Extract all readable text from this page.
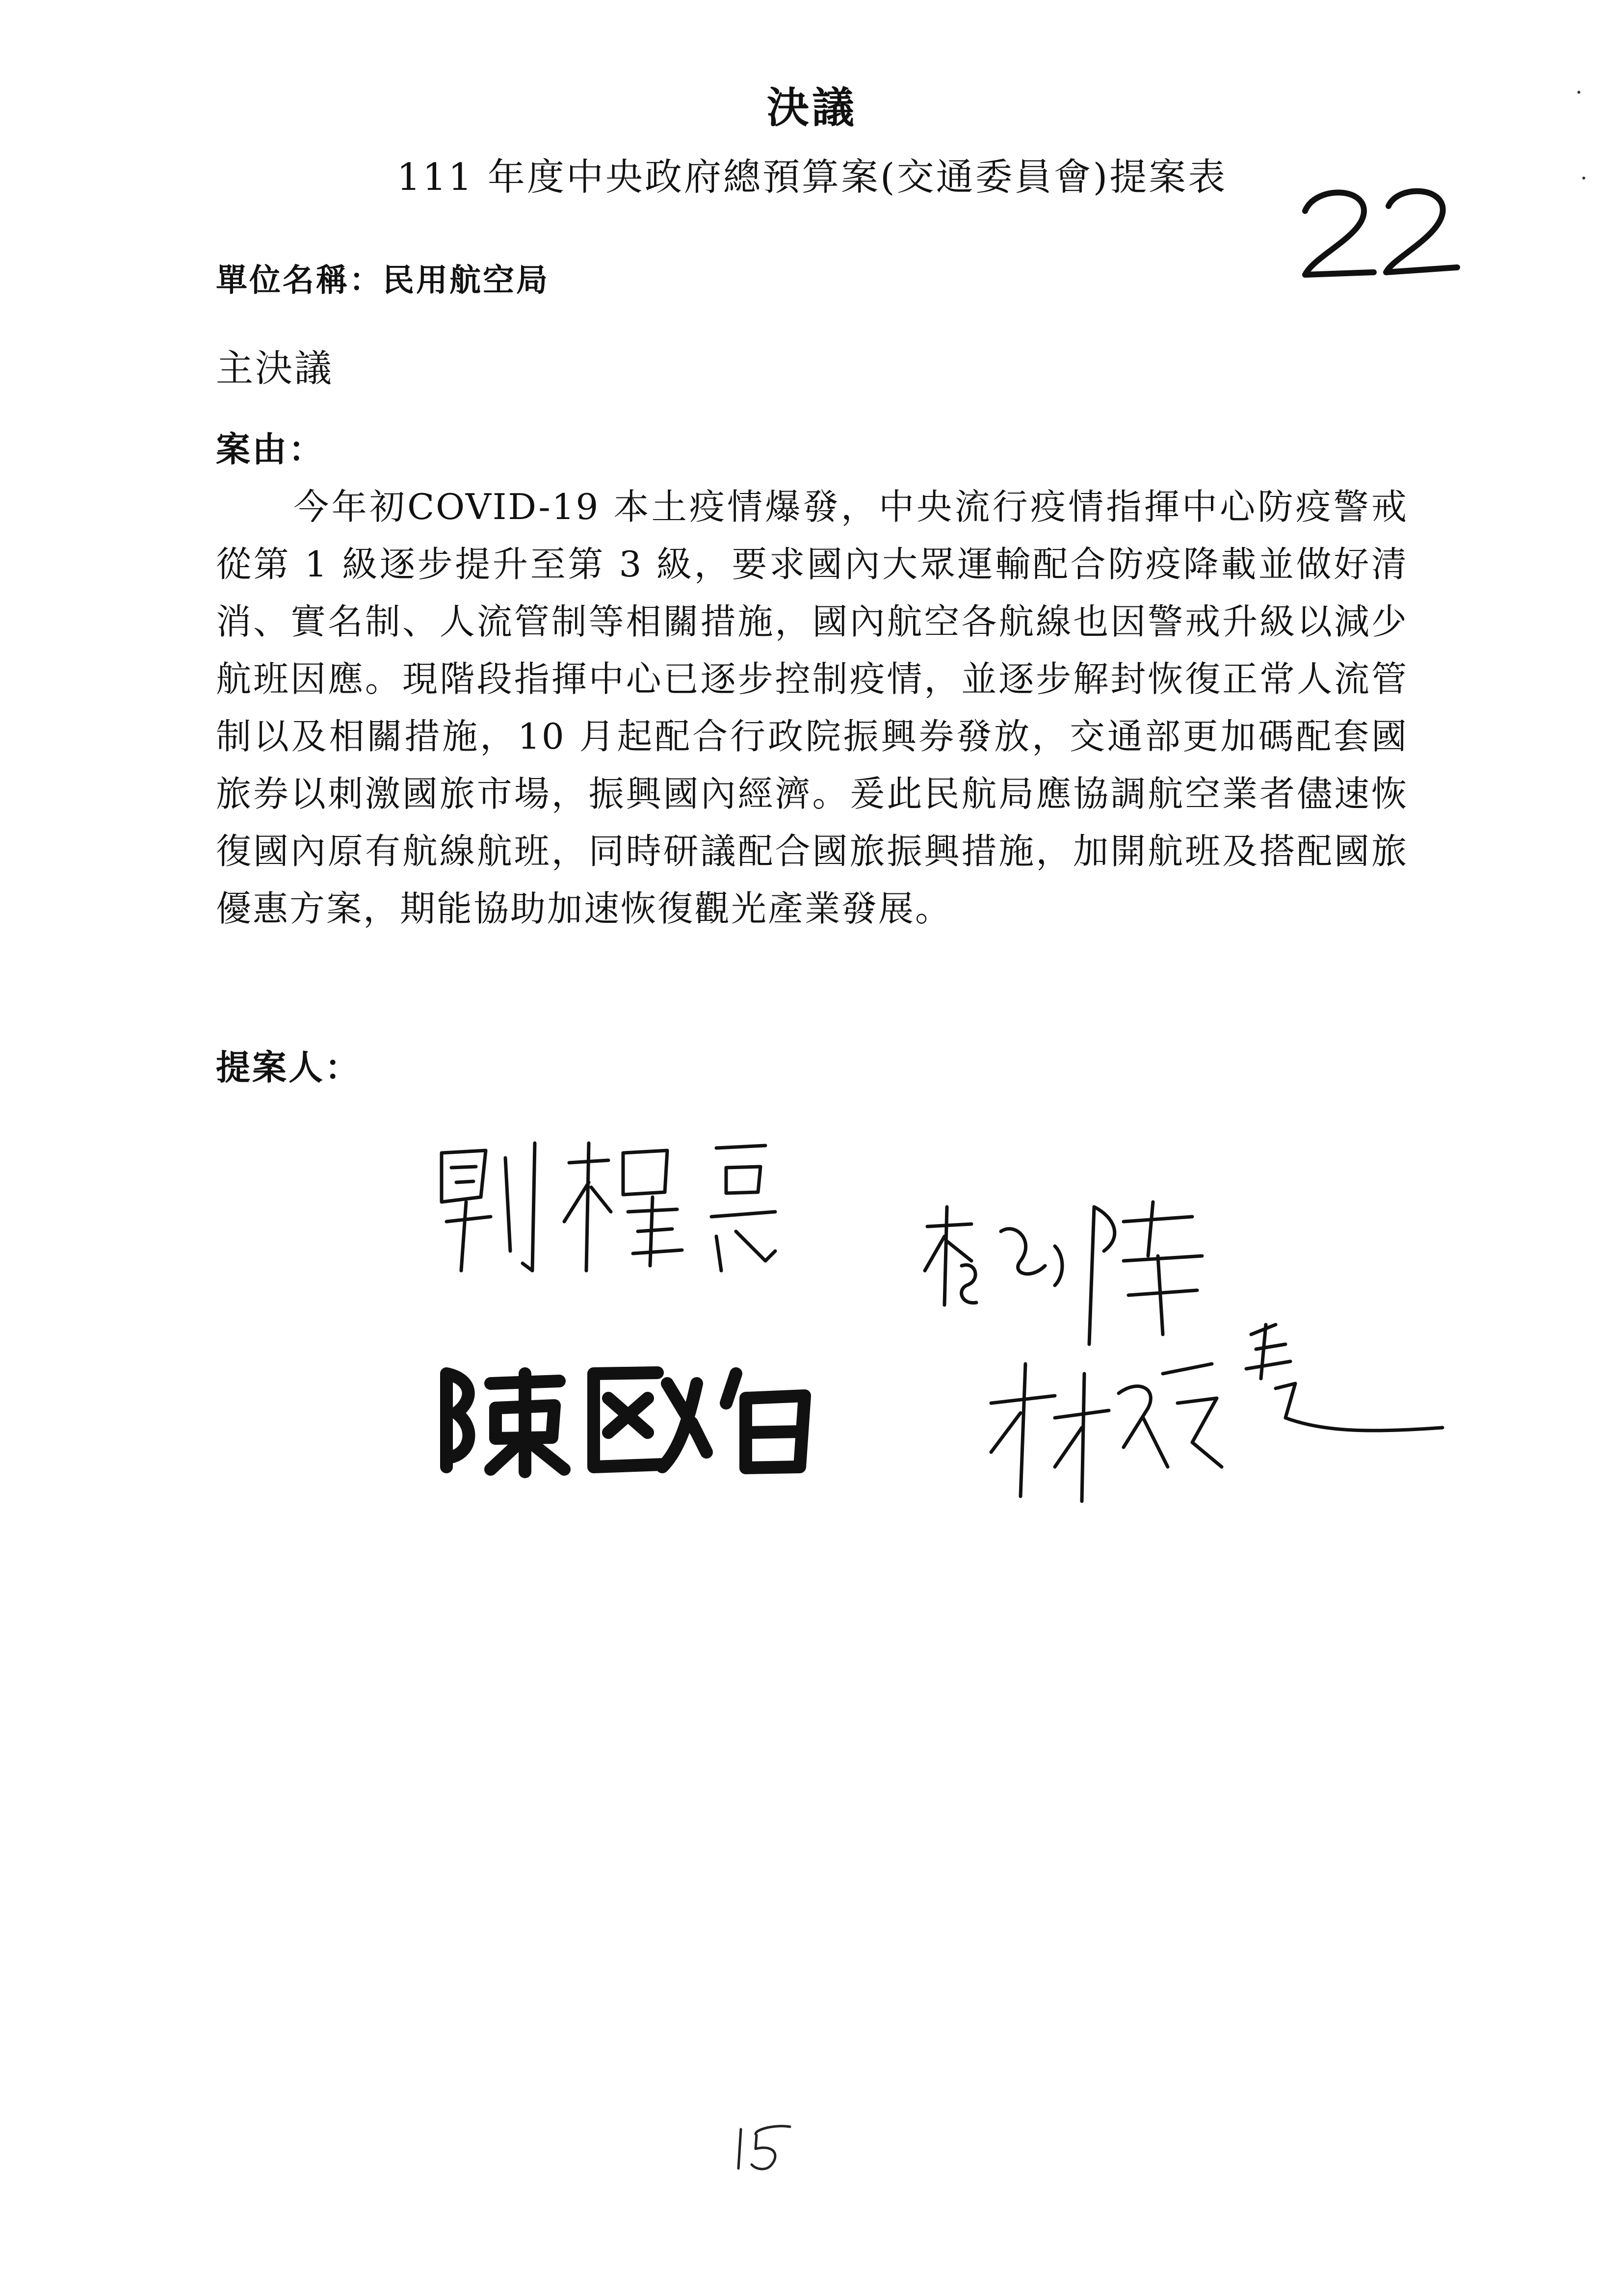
決議
111 年度中央政府總預算案(交通委員會)提案表	22
單位名稱：民用航空局
主決議
案由：

今年初COVID-19 本土疫情爆發，中央流行疫情指揮中心防疫警戒從第 1 級逐步提升至第 3 級，要求國內大眾運輸配合防疫降載並做好清消、實名制、人流管制等相關措施，國內航空各航線也因警戒升級以減少航班因應。現階段指揮中心已逐步控制疫情，並逐步解封恢復正常人流管制以及相關措施，10 月起配合行政院振興券發放，交通部更加碼配套國旅券以刺激國旅市場，振興國內經濟。爰此民航局應協調航空業者儘速恢復國內原有航線航班，同時研議配合國旅振興措施，加開航班及搭配國旅優惠方案，期能協助加速恢復觀光產業發展。

提案人：
劉櫂豪
李昆澤
陳歐珀
林俊憲
15
